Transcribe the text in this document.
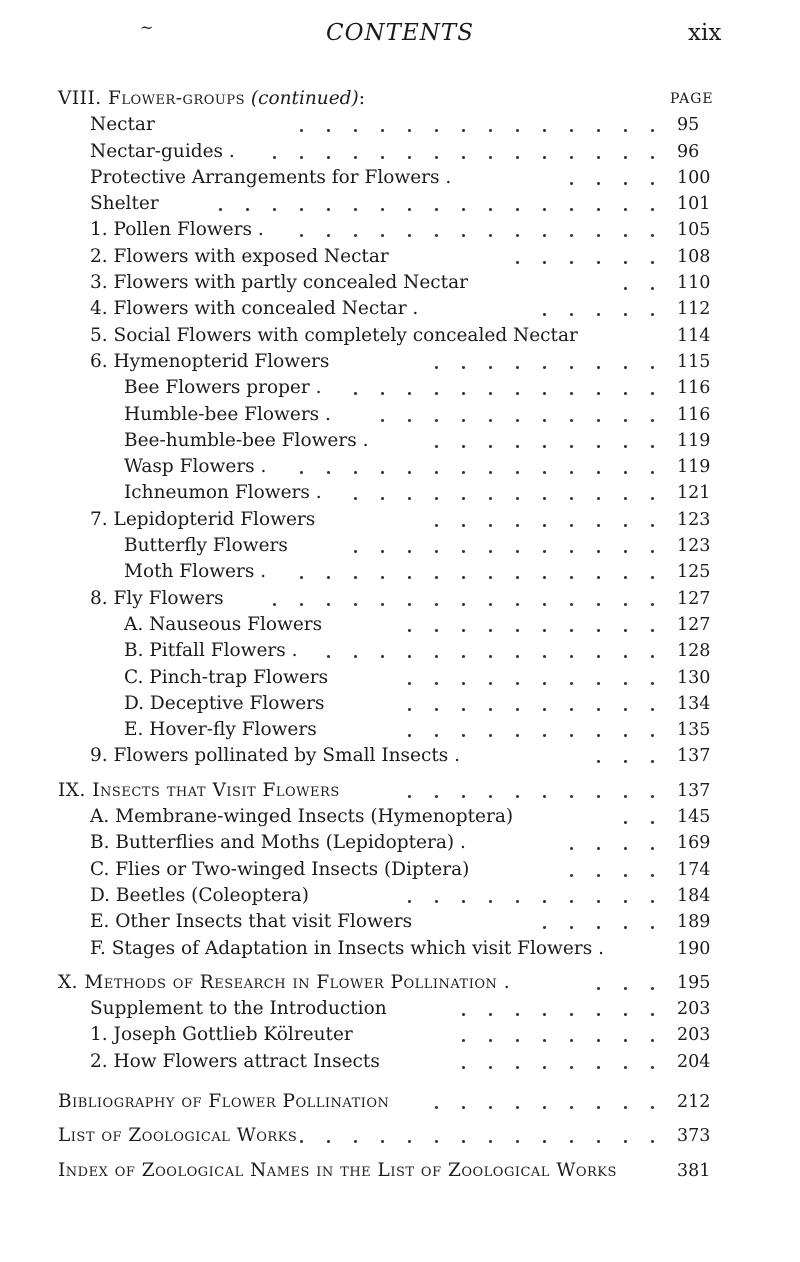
~	CONTENTS	xix
VIII. Flower-groups (continued):	PAGE
Nectar	95
Nectar-guides .	96
Protective Arrangements for Flowers .	100
Shelter	101
1. Pollen Flowers .	105
2. Flowers with exposed Nectar	108
3. Flowers with partly concealed Nectar	110
4. Flowers with concealed Nectar .	112
5. Social Flowers with completely concealed Nectar	114
6. Hymenopterid Flowers	115
Bee Flowers proper .	116
Humble-bee Flowers .	116
Bee-humble-bee Flowers .	119
Wasp Flowers .	119
Ichneumon Flowers .	121
7. Lepidopterid Flowers	123
Butterfly Flowers	123
Moth Flowers .	125
8. Fly Flowers	127
A. Nauseous Flowers	127
B. Pitfall Flowers .	128
C. Pinch-trap Flowers	130
D. Deceptive Flowers	134
E. Hover-fly Flowers	135
9. Flowers pollinated by Small Insects .	137
IX. Insects that Visit Flowers	137
A. Membrane-winged Insects (Hymenoptera)	145
B. Butterflies and Moths (Lepidoptera) .	169
C. Flies or Two-winged Insects (Diptera)	174
D. Beetles (Coleoptera)	184
E. Other Insects that visit Flowers	189
F. Stages of Adaptation in Insects which visit Flowers .	190
X. Methods of Research in Flower Pollination .	195
Supplement to the Introduction	203
1. Joseph Gottlieb Kölreuter	203
2. How Flowers attract Insects	204
Bibliography of Flower Pollination	212
List of Zoological Works	373
Index of Zoological Names in the List of Zoological Works	381
